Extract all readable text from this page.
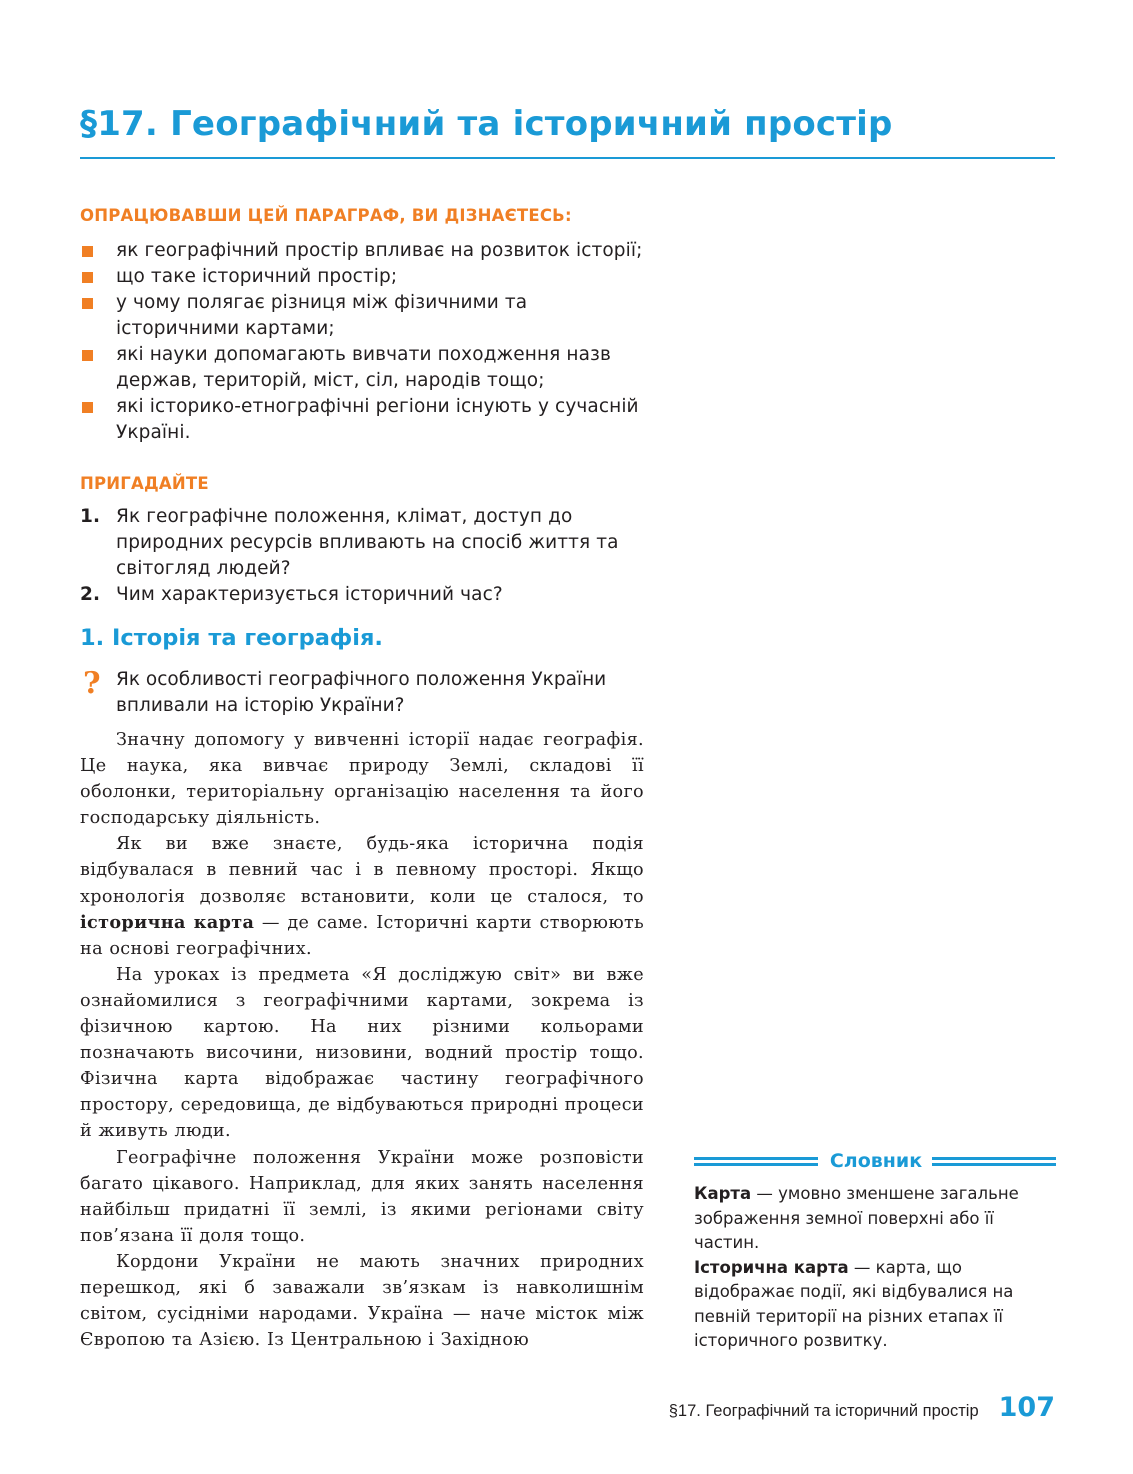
§17. Географічний та історичний простір
ОПРАЦЮВАВШИ ЦЕЙ ПАРАГРАФ, ВИ ДІЗНАЄТЕСЬ:
як географічний простір впливає на розвиток історії;
що таке історичний простір;
у чому полягає різниця між фізичними та історичними картами;
які науки допомагають вивчати походження назв держав, територій, міст, сіл, народів тощо;
які історико-етнографічні регіони існують у сучасній Україні.
ПРИГАДАЙТЕ
1. Як географічне положення, клімат, доступ до природних ресурсів впливають на спосіб життя та світогляд людей?
2. Чим характеризується історичний час?
1. Історія та географія.
? Як особливості географічного положення України впливали на історію України?

Значну допомогу у вивченні історії надає географія. Це наука, яка вивчає природу Землі, складові її оболонки, територіальну організацію населення та його господарську діяльність.

Як ви вже знаєте, будь-яка історична подія відбувалася в певний час і в певному просторі. Якщо хронологія дозволяє встановити, коли це сталося, то історична карта — де саме. Історичні карти створюють на основі географічних.

На уроках із предмета «Я досліджую світ» ви вже ознайомилися з географічними картами, зокрема із фізичною картою. На них різними кольорами позначають височини, низовини, водний простір тощо. Фізична карта відображає частину географічного простору, середовища, де відбуваються природні процеси й живуть люди.

Географічне положення України може розповісти багато цікавого. Наприклад, для яких занять населення найбільш придатні її землі, із якими регіонами світу пов’язана її доля тощо.

Кордони України не мають значних природних перешкод, які б заважали зв’язкам із навколишнім світом, сусідніми народами. Україна — наче місток між Європою та Азією. Із Центральною і Західною

Словник

Карта — умовно зменшене загальне зображення земної поверхні або її частин.

Історична карта — карта, що відображає події, які відбувалися на певній території на різних етапах її історичного розвитку.

§17. Географічний та історичний простір 107
